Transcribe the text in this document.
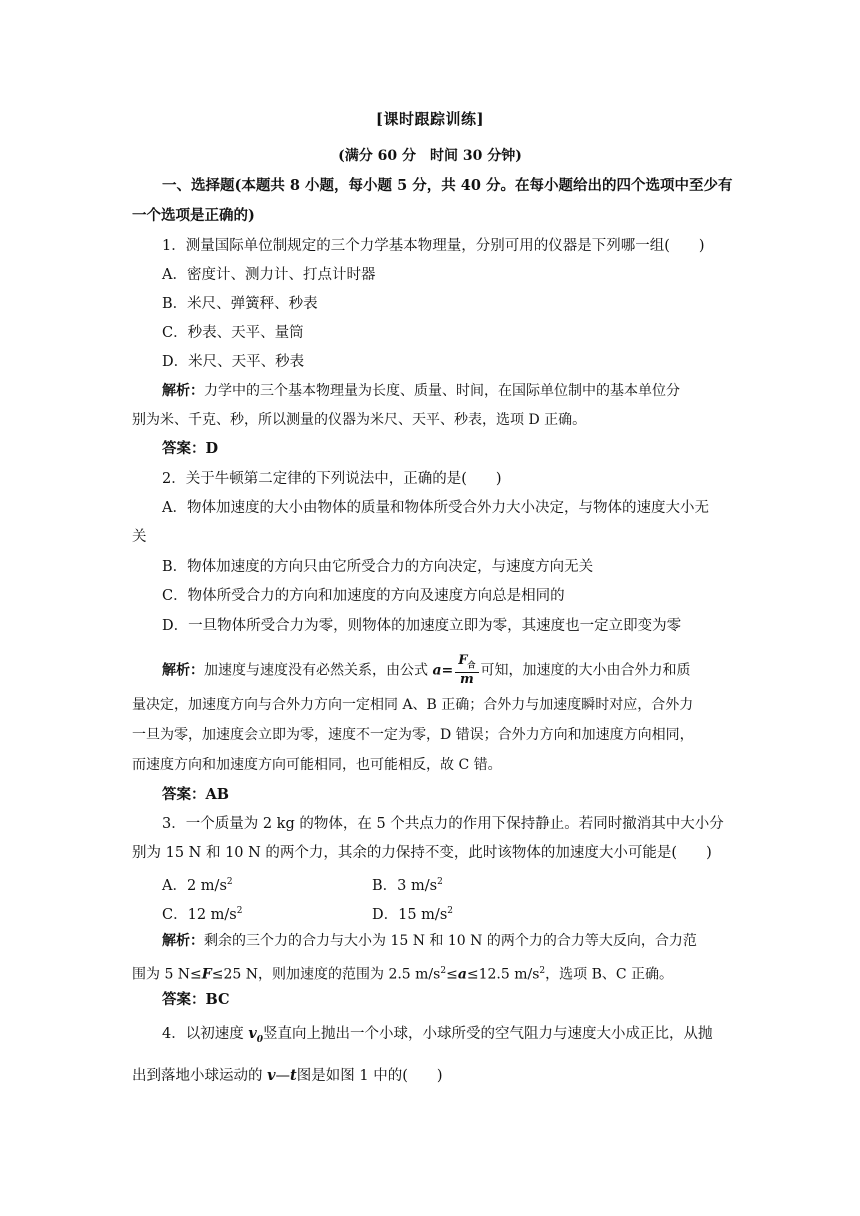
[课时跟踪训练]
(满分 60 分　时间 30 分钟)
一、选择题(本题共 8 小题，每小题 5 分，共 40 分。在每小题给出的四个选项中至少有
一个选项是正确的)
1．测量国际单位制规定的三个力学基本物理量，分别可用的仪器是下列哪一组(　　)
A．密度计、测力计、打点计时器
B．米尺、弹簧秤、秒表
C．秒表、天平、量筒
D．米尺、天平、秒表
解析：力学中的三个基本物理量为长度、质量、时间，在国际单位制中的基本单位分
别为米、千克、秒，所以测量的仪器为米尺、天平、秒表，选项 D 正确。
答案：D
2．关于牛顿第二定律的下列说法中，正确的是(　　)
A．物体加速度的大小由物体的质量和物体所受合外力大小决定，与物体的速度大小无
关
B．物体加速度的方向只由它所受合力的方向决定，与速度方向无关
C．物体所受合力的方向和加速度的方向及速度方向总是相同的
D．一旦物体所受合力为零，则物体的加速度立即为零，其速度也一定立即变为零
解析：加速度与速度没有必然关系，由公式 $a= \frac{F_合}{m}$ 可知，加速度的大小由合外力和质
量决定，加速度方向与合外力方向一定相同 A、B 正确；合外力与加速度瞬时对应，合外力
一旦为零，加速度会立即为零，速度不一定为零，D 错误；合外力方向和加速度方向相同，
而速度方向和加速度方向可能相同，也可能相反，故 C 错。
答案：AB
3．一个质量为 2 kg 的物体，在 5 个共点力的作用下保持静止。若同时撤消其中大小分
别为 15 N 和 10 N 的两个力，其余的力保持不变，此时该物体的加速度大小可能是(　　)
A．2 $m/s^2$	B．3 $m/s^2$
C．12 $m/s^2$	D．15 $m/s^2$
解析：剩余的三个力的合力与大小为 15 N 和 10 N 的两个力的合力等大反向，合力范
围为 5 N≤F≤25 N，则加速度的范围为 2.5 $m/s^2\le a\le 12.5$ $m/s^2$，选项 B、C 正确。
答案：BC
4．以初速度 $v_0$竖直向上抛出一个小球，小球所受的空气阻力与速度大小成正比，从抛
出到落地小球运动的 v—t图是如图 1 中的(　　)
